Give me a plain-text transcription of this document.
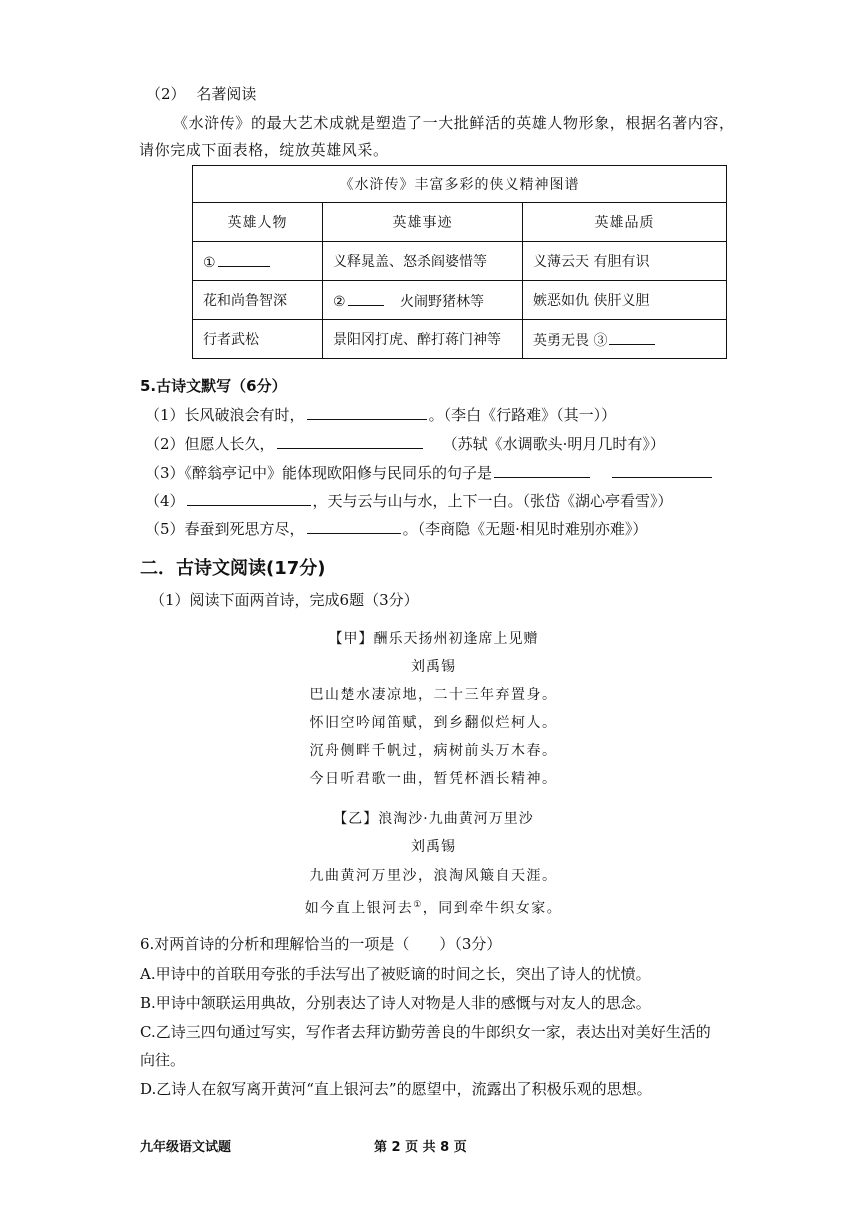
（2） 名著阅读
《水浒传》的最大艺术成就是塑造了一大批鲜活的英雄人物形象，根据名著内容，
请你完成下面表格，绽放英雄风采。
《水浒传》丰富多彩的侠义精神图谱		
英雄人物	英雄事迹	英雄品质
①	义释晁盖、怒杀阎婆惜等	义薄云天 有胆有识
花和尚鲁智深	② 火闹野猪林等	嫉恶如仇 侠肝义胆
行者武松	景阳冈打虎、醉打蒋门神等	英勇无畏 ③
5.古诗文默写（6分）
（1）长风破浪会有时，	。（李白《行路难》（其一））
（2）但愿人长久，	（苏轼《水调歌头·明月几时有》）
（3）《醉翁亭记中》能体现欧阳修与民同乐的句子是
（4）	，天与云与山与水，上下一白。（张岱《湖心亭看雪》）
（5）春蚕到死思方尽，	。（李商隐《无题·相见时难别亦难》）
二．古诗文阅读(17分)
（1）阅读下面两首诗，完成6题（3分）
【甲】酬乐天扬州初逢席上见赠
刘禹锡
巴山楚水凄凉地，二十三年弃置身。
怀旧空吟闻笛赋，到乡翻似烂柯人。
沉舟侧畔千帆过，病树前头万木春。
今日听君歌一曲，暂凭杯酒长精神。
【乙】浪淘沙·九曲黄河万里沙
刘禹锡
九曲黄河万里沙，浪淘风簸自天涯。
如今直上银河去①，同到牵牛织女家。
6.对两首诗的分析和理解恰当的一项是（　　）（3分）
A.甲诗中的首联用夸张的手法写出了被贬谪的时间之长，突出了诗人的忧愤。
B.甲诗中颔联运用典故，分别表达了诗人对物是人非的感慨与对友人的思念。
C.乙诗三四句通过写实，写作者去拜访勤劳善良的牛郎织女一家，表达出对美好生活的
向往。
D.乙诗人在叙写离开黄河“直上银河去”的愿望中，流露出了积极乐观的思想。
九年级语文试题	第 2 页 共 8 页
